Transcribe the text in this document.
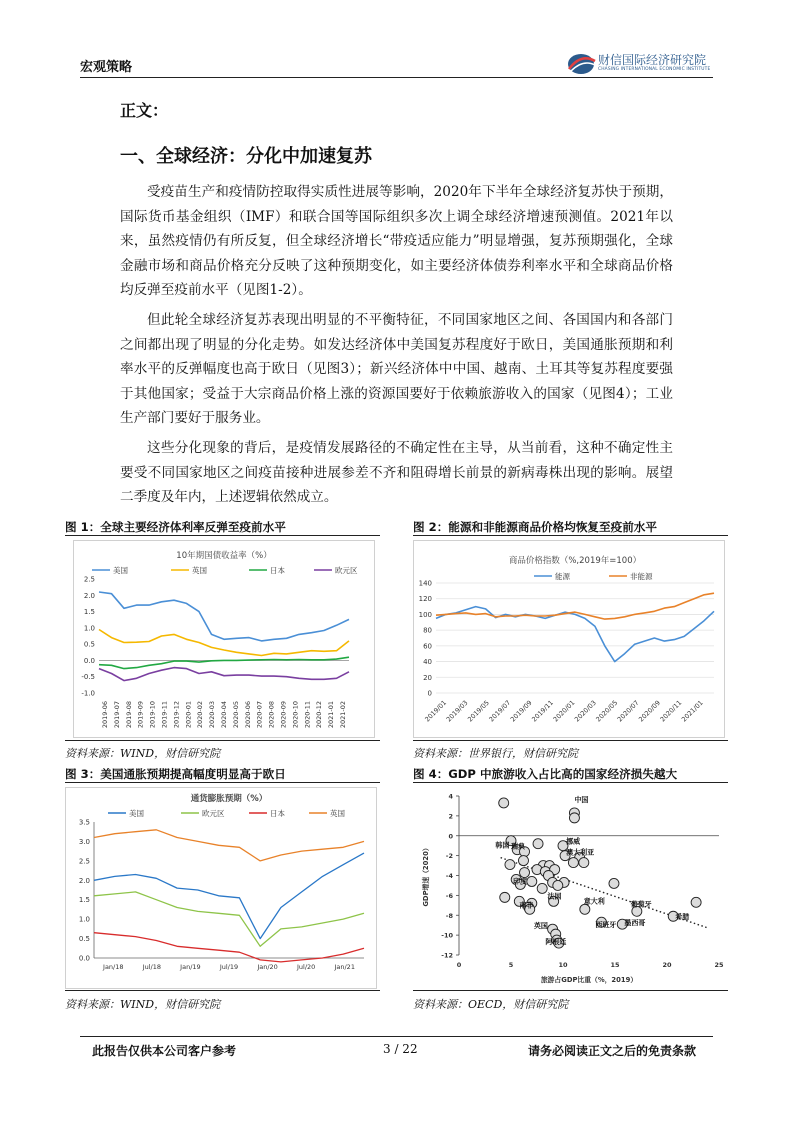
宏观策略	财信国际经济研究院
CHASING INTERNATIONAL ECONOMIC INSTITUTE
正文：
一、全球经济：分化中加速复苏

受疫苗生产和疫情防控取得实质性进展等影响，2020年下半年全球经济复苏快于预期，国际货币基金组织（IMF）和联合国等国际组织多次上调全球经济增速预测值。2021年以来，虽然疫情仍有所反复，但全球经济增长“带疫适应能力”明显增强，复苏预期强化，全球金融市场和商品价格充分反映了这种预期变化，如主要经济体债券利率水平和全球商品价格均反弹至疫前水平（见图1-2）。

但此轮全球经济复苏表现出明显的不平衡特征，不同国家地区之间、各国国内和各部门之间都出现了明显的分化走势。如发达经济体中美国复苏程度好于欧日，美国通胀预期和利率水平的反弹幅度也高于欧日（见图3）；新兴经济体中中国、越南、土耳其等复苏程度要强于其他国家；受益于大宗商品价格上涨的资源国要好于依赖旅游收入的国家（见图4）；工业生产部门要好于服务业。

这些分化现象的背后，是疫情发展路径的不确定性在主导，从当前看，这种不确定性主要受不同国家地区之间疫苗接种进展参差不齐和阻碍增长前景的新病毒株出现的影响。展望二季度及年内，上述逻辑依然成立。

图 1：全球主要经济体利率反弹至疫前水平
10年期国债收益率（%）
美国	英国	日本	欧元区
-1.0
-0.5
0.0
0.5
1.0
1.5
2.0
2.5
2019-06 2019-07 2019-08 2019-09 2019-10 2019-11 2019-12 2020-01 2020-02 2020-03 2020-04 2020-05 2020-06 2020-07 2020-08 2020-09 2020-10 2020-11 2020-12 2021-01 2021-02
资料来源：WIND，财信研究院
图 2：能源和非能源商品价格均恢复至疫前水平
商品价格指数（%,2019年=100）
能源	非能源
0
20
40
60
80
100
120
140
2019/01
2019/03
2019/05
2019/07
2019/09
2019/11
2020/01
2020/03
2020/05
2020/07
2020/09
2020/11
2021/01
资料来源：世界银行，财信研究院
图 3：美国通胀预期提高幅度明显高于欧日
通货膨胀预期（%）
美国	欧元区	日本	英国
0.0
0.5
1.0
1.5
2.0
2.5
3.0
3.5
Jan/18	Jul/18	Jan/19	Jul/19	Jan/20	Jul/20	Jan/21
资料来源：WIND，财信研究院
图 4：GDP 中旅游收入占比高的国家经济损失越大
4
2
0
-2
-4
-6
-8
-10
-12
0	5	10	15	20	25
旅游占GDP比重（%，2019）
GDP增速（2020）
中国
挪威
澳大利亚
韩国 瑞典
印度
法国
南非	意大利	葡萄牙
希腊
英国	西班牙 墨西哥
阿根廷
资料来源：OECD，财信研究院
此报告仅供本公司客户参考	3 / 22	请务必阅读正文之后的免责条款
